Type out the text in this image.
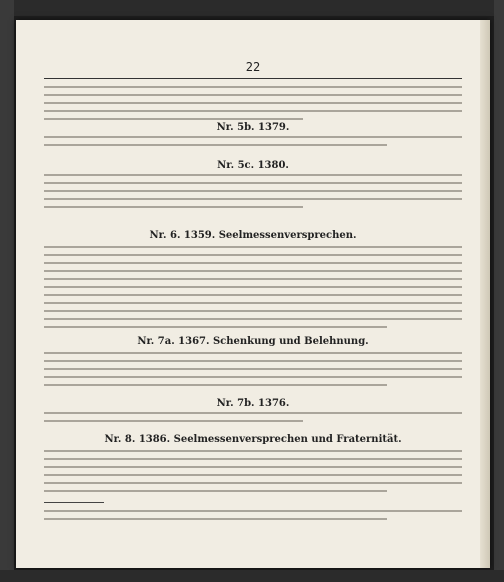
22
Nr. 5b. 1379.
Nr. 5c. 1380.
Nr. 6. 1359. Seelmessenversprechen.
Nr. 7a. 1367. Schenkung und Belehnung.
Nr. 7b. 1376.
Nr. 8. 1386. Seelmessenversprechen und Fraternität.
